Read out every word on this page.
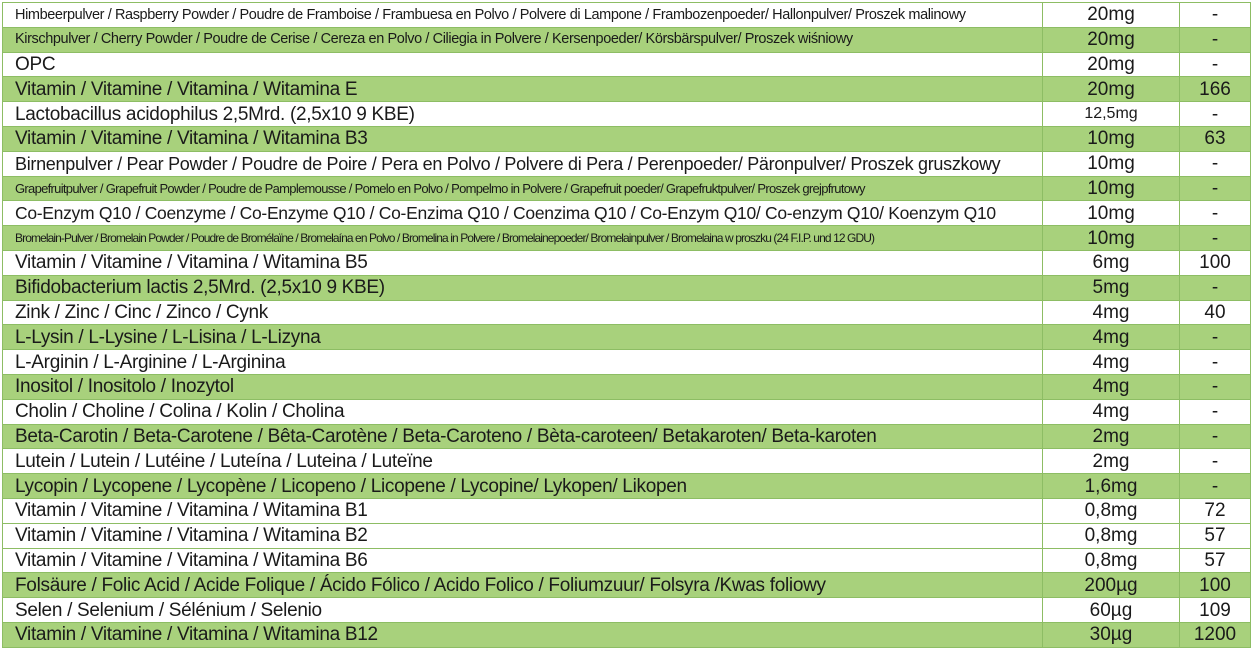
Himbeerpulver / Raspberry Powder / Poudre de Framboise / Frambuesa en Polvo / Polvere di Lampone / Frambozenpoeder/ Hallonpulver/ Proszek malinowy	20mg	-
Kirschpulver / Cherry Powder / Poudre de Cerise / Cereza en Polvo / Ciliegia in Polvere / Kersenpoeder/ Körsbärspulver/ Proszek wiśniowy	20mg	-
OPC	20mg	-
Vitamin / Vitamine / Vitamina / Witamina E	20mg	166
Lactobacillus acidophilus 2,5Mrd. (2,5x10 9 KBE)	12,5mg	-
Vitamin / Vitamine / Vitamina / Witamina B3	10mg	63
Birnenpulver / Pear Powder / Poudre de Poire / Pera en Polvo / Polvere di Pera / Perenpoeder/ Päronpulver/ Proszek gruszkowy	10mg	-
Grapefruitpulver / Grapefruit Powder / Poudre de Pamplemousse / Pomelo en Polvo / Pompelmo in Polvere / Grapefruit poeder/ Grapefruktpulver/ Proszek grejpfrutowy	10mg	-
Co-Enzym Q10 / Coenzyme / Co-Enzyme Q10 / Co-Enzima Q10 / Coenzima Q10 / Co-Enzym Q10/ Co-enzym Q10/ Koenzym Q10	10mg	-
Bromelain-Pulver / Bromelain Powder / Poudre de Bromélaïne / Bromelaína en Polvo / Bromelina in Polvere / Bromelainepoeder/ Bromelainpulver / Bromelaina w proszku (24 F.I.P. und 12 GDU)	10mg	-
Vitamin / Vitamine / Vitamina / Witamina B5	6mg	100
Bifidobacterium lactis 2,5Mrd. (2,5x10 9 KBE)	5mg	-
Zink / Zinc / Cinc / Zinco / Cynk	4mg	40
L-Lysin / L-Lysine / L-Lisina / L-Lizyna	4mg	-
L-Arginin / L-Arginine / L-Arginina	4mg	-
Inositol / Inositolo / Inozytol	4mg	-
Cholin / Choline / Colina / Kolin / Cholina	4mg	-
Beta-Carotin / Beta-Carotene / Bêta-Carotène / Beta-Caroteno / Bèta-caroteen/ Betakaroten/ Beta-karoten	2mg	-
Lutein / Lutein / Lutéine / Luteína / Luteina / Luteïne	2mg	-
Lycopin / Lycopene / Lycopène / Licopeno / Licopene / Lycopine/ Lykopen/ Likopen	1,6mg	-
Vitamin / Vitamine / Vitamina / Witamina B1	0,8mg	72
Vitamin / Vitamine / Vitamina / Witamina B2	0,8mg	57
Vitamin / Vitamine / Vitamina / Witamina B6	0,8mg	57
Folsäure / Folic Acid / Acide Folique / Ácido Fólico / Acido Folico / Foliumzuur/ Folsyra /Kwas foliowy	200µg	100
Selen / Selenium / Sélénium / Selenio	60µg	109
Vitamin / Vitamine / Vitamina / Witamina B12	30µg	1200
